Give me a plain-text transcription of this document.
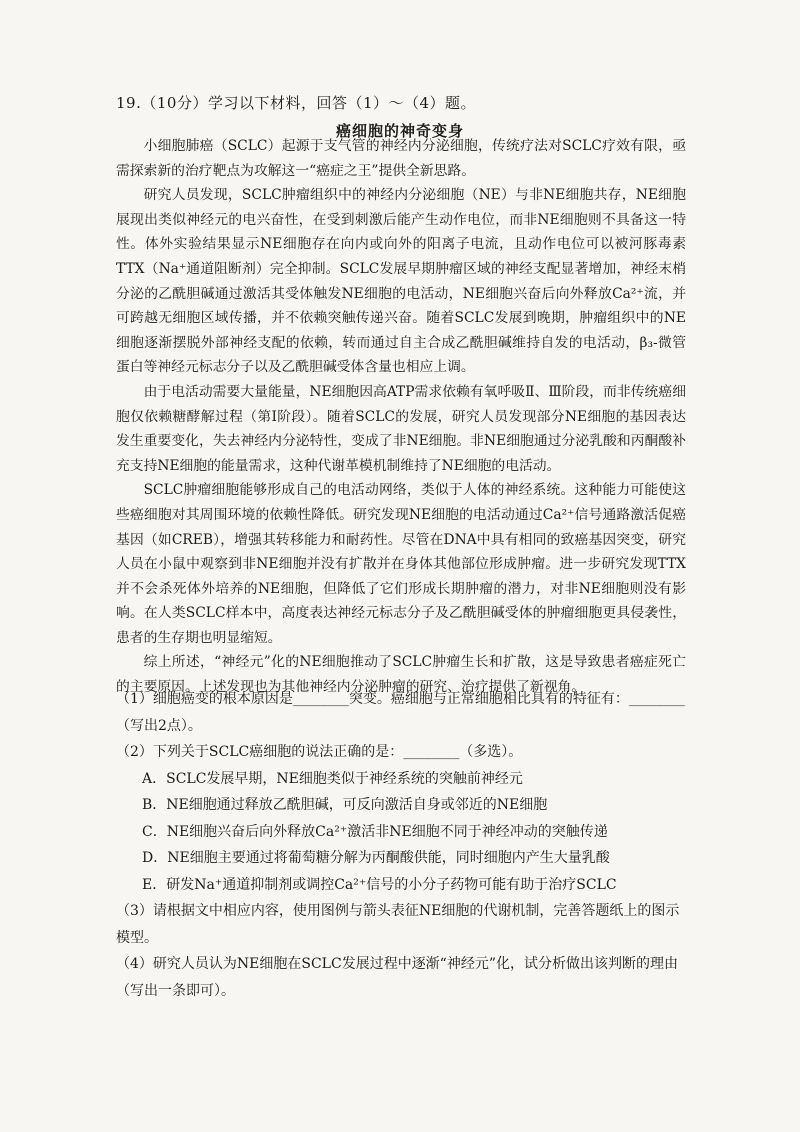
19.（10分）学习以下材料，回答（1）～（4）题。
癌细胞的神奇变身

小细胞肺癌（SCLC）起源于支气管的神经内分泌细胞，传统疗法对SCLC疗效有限，亟需探索新的治疗靶点为攻解这一“癌症之王”提供全新思路。

研究人员发现，SCLC肿瘤组织中的神经内分泌细胞（NE）与非NE细胞共存，NE细胞展现出类似神经元的电兴奋性，在受到刺激后能产生动作电位，而非NE细胞则不具备这一特性。体外实验结果显示NE细胞存在向内或向外的阳离子电流，且动作电位可以被河豚毒素TTX（Na⁺通道阻断剂）完全抑制。SCLC发展早期肿瘤区域的神经支配显著增加，神经末梢分泌的乙酰胆碱通过激活其受体触发NE细胞的电活动，NE细胞兴奋后向外释放Ca²⁺流，并可跨越无细胞区域传播，并不依赖突触传递兴奋。随着SCLC发展到晚期，肿瘤组织中的NE细胞逐渐摆脱外部神经支配的依赖，转而通过自主合成乙酰胆碱维持自发的电活动，β₃-微管蛋白等神经元标志分子以及乙酰胆碱受体含量也相应上调。

由于电活动需要大量能量，NE细胞因高ATP需求依赖有氧呼吸Ⅱ、Ⅲ阶段，而非传统癌细胞仅依赖糖酵解过程（第Ⅰ阶段）。随着SCLC的发展，研究人员发现部分NE细胞的基因表达发生重要变化，失去神经内分泌特性，变成了非NE细胞。非NE细胞通过分泌乳酸和丙酮酸补充支持NE细胞的能量需求，这种代谢革模机制维持了NE细胞的电活动。

SCLC肿瘤细胞能够形成自己的电活动网络，类似于人体的神经系统。这种能力可能使这些癌细胞对其周围环境的依赖性降低。研究发现NE细胞的电活动通过Ca²⁺信号通路激活促癌基因（如CREB），增强其转移能力和耐药性。尽管在DNA中具有相同的致癌基因突变，研究人员在小鼠中观察到非NE细胞并没有扩散并在身体其他部位形成肿瘤。进一步研究发现TTX并不会杀死体外培养的NE细胞，但降低了它们形成长期肿瘤的潜力，对非NE细胞则没有影响。在人类SCLC样本中，高度表达神经元标志分子及乙酰胆碱受体的肿瘤细胞更具侵袭性，患者的生存期也明显缩短。

综上所述，“神经元”化的NE细胞推动了SCLC肿瘤生长和扩散，这是导致患者癌症死亡的主要原因。上述发现也为其他神经内分泌肿瘤的研究、治疗提供了新视角。

（1）细胞癌变的根本原因是________突变。癌细胞与正常细胞相比具有的特征有：________（写出2点）。

（2）下列关于SCLC癌细胞的说法正确的是：________（多选）。

A．SCLC发展早期，NE细胞类似于神经系统的突触前神经元

B．NE细胞通过释放乙酰胆碱，可反向激活自身或邻近的NE细胞

C．NE细胞兴奋后向外释放Ca²⁺激活非NE细胞不同于神经冲动的突触传递

D．NE细胞主要通过将葡萄糖分解为丙酮酸供能，同时细胞内产生大量乳酸

E．研发Na⁺通道抑制剂或调控Ca²⁺信号的小分子药物可能有助于治疗SCLC

（3）请根据文中相应内容，使用图例与箭头表征NE细胞的代谢机制，完善答题纸上的图示模型。

（4）研究人员认为NE细胞在SCLC发展过程中逐渐“神经元”化，试分析做出该判断的理由（写出一条即可）。
